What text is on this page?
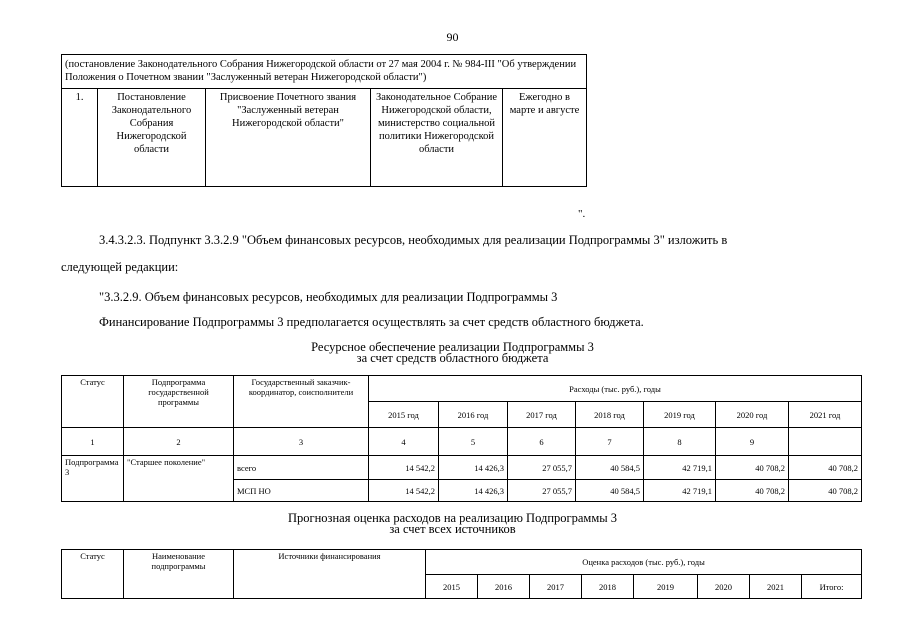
90
(постановление Законодательного Собрания Нижегородской области от 27 мая 2004 г. № 984-III "Об утверждении Положения о Почетном звании "Заслуженный ветеран Нижегородской области")
1.	Постановление Законодательного Собрания Нижегородской области	Присвоение Почетного звания "Заслуженный ветеран Нижегородской области"	Законодательное Собрание Нижегородской области, министерство социальной политики Нижегородской области	Ежегодно в марте и августе
".
3.4.3.2.3. Подпункт 3.3.2.9 "Объем финансовых ресурсов, необходимых для реализации Подпрограммы 3" изложить в
следующей редакции:
"3.3.2.9. Объем финансовых ресурсов, необходимых для реализации Подпрограммы 3
Финансирование Подпрограммы 3 предполагается осуществлять за счет средств областного бюджета.
Ресурсное обеспечение реализации Подпрограммы 3
за счет средств областного бюджета
Статус	Подпрограмма государственной программы	Государственный заказчик-координатор, соисполнители	Расходы (тыс. руб.), годы						
			2015 год	2016 год	2017 год	2018 год	2019 год	2020 год	2021 год
1	2	3	4	5	6	7	8	9	
Подпрограмма 3	"Старшее поколение"	всего	14 542,2	14 426,3	27 055,7	40 584,5	42 719,1	40 708,2	40 708,2
		МСП НО	14 542,2	14 426,3	27 055,7	40 584,5	42 719,1	40 708,2	40 708,2
Прогнозная оценка расходов на реализацию Подпрограммы 3
за счет всех источников
Статус	Наименование подпрограммы	Источники финансирования	Оценка расходов (тыс. руб.), годы							
			2015	2016	2017	2018	2019	2020	2021	Итого:
